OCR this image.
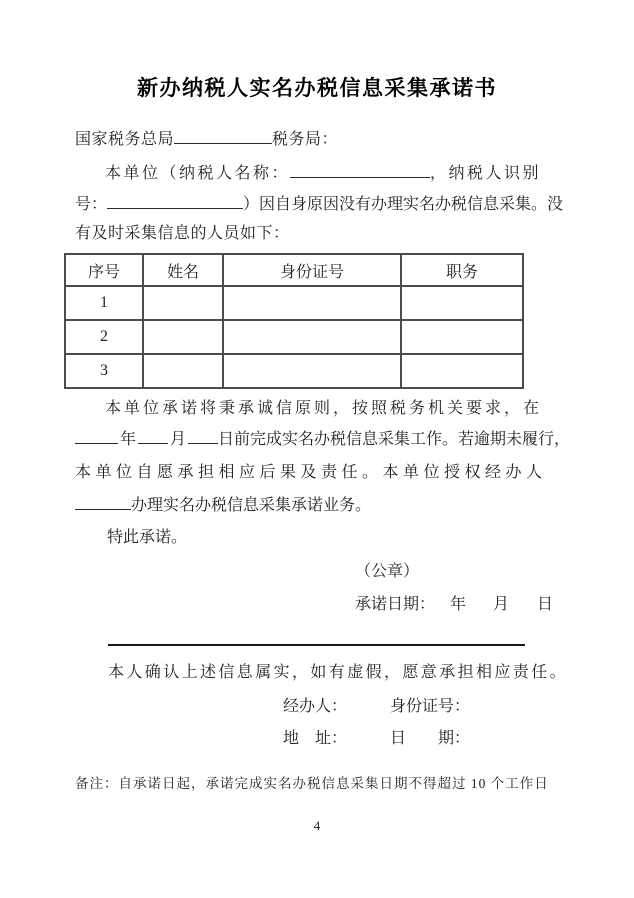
新办纳税人实名办税信息采集承诺书
国家税务总局	税务局：
本单位（纳税人名称：	，纳税人识别
号：	）因自身原因没有办理实名办税信息采集。没
有及时采集信息的人员如下：
序号	姓名	身份证号	职务
1			
2			
3			
本单位承诺将秉承诚信原则，按照税务机关要求，在
年 月 日前完成实名办税信息采集工作。若逾期未履行，
本单位自愿承担相应后果及责任。本单位授权经办人
办理实名办税信息采集承诺业务。
特此承诺。
（公章）
承诺日期： 年 月 日
本人确认上述信息属实，如有虚假，愿意承担相应责任。
经办人：	身份证号：
地　址：	日　　期：
备注：自承诺日起，承诺完成实名办税信息采集日期不得超过 10 个工作日
4
